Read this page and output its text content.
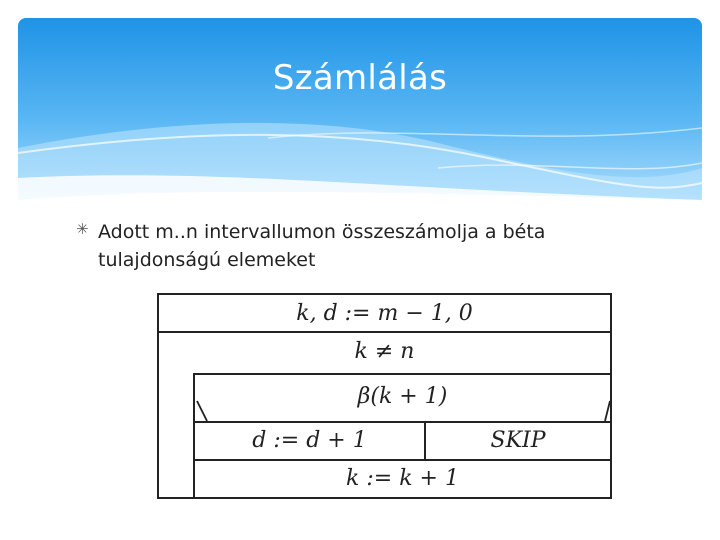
Számlálás
✳ Adott m..n intervallumon összeszámolja a béta tulajdonságú elemeket
k, d := m − 1, 0
k ≠ n
β(k + 1)
d := d + 1	SKIP
k := k + 1
